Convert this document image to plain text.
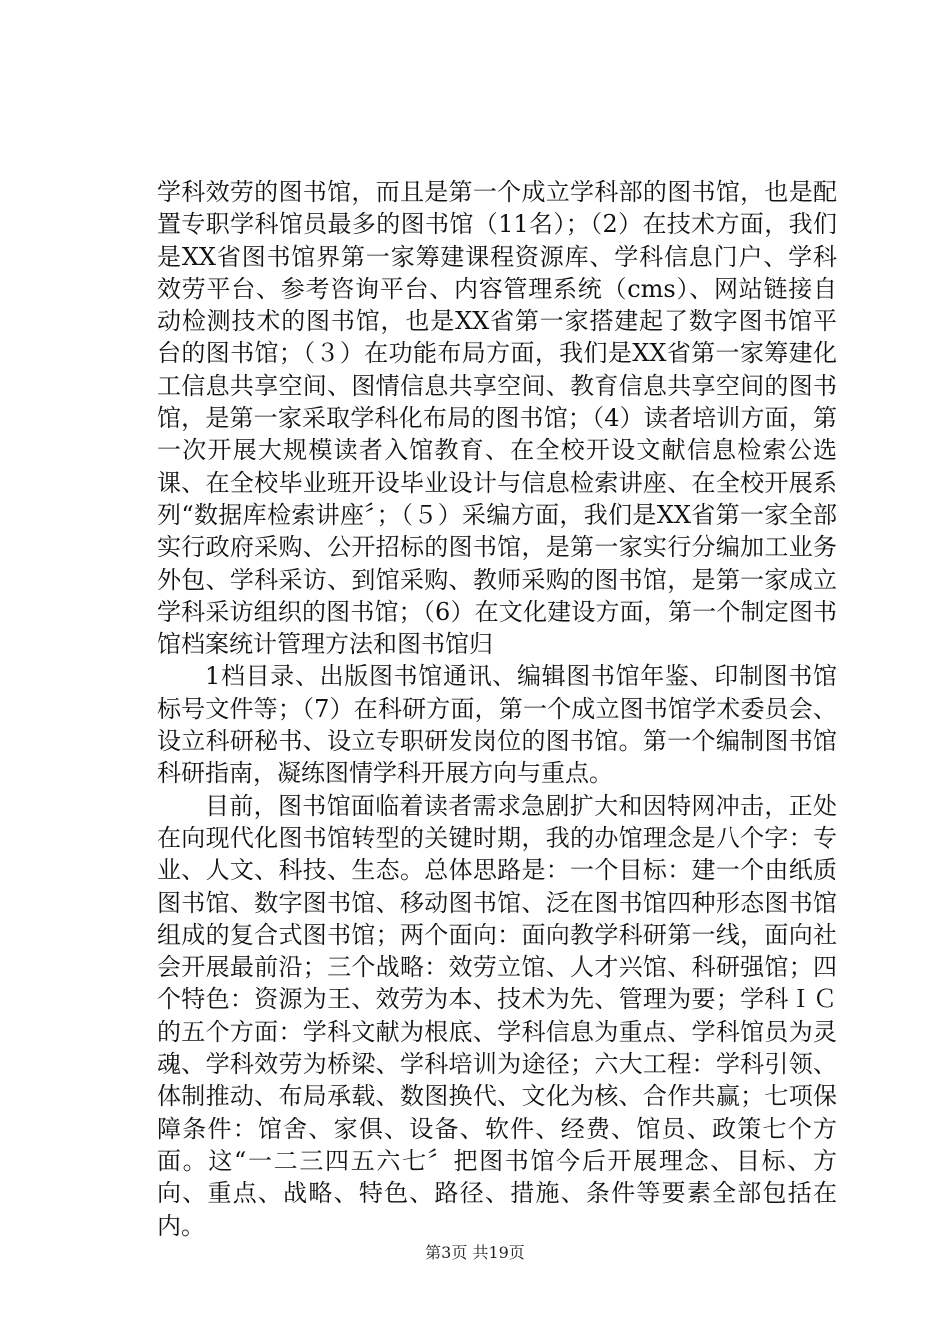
学科效劳的图书馆，而且是第一个成立学科部的图书馆，也是配置专职学科馆员最多的图书馆（11名）；（2）在技术方面，我们是XX省图书馆界第一家筹建课程资源库、学科信息门户、学科效劳平台、参考咨询平台、内容管理系统（cms）、网站链接自动检测技术的图书馆，也是XX省第一家搭建起了数字图书馆平台的图书馆；（３）在功能布局方面，我们是XX省第一家筹建化工信息共享空间、图情信息共享空间、教育信息共享空间的图书馆，是第一家采取学科化布局的图书馆；（4）读者培训方面，第一次开展大规模读者入馆教育、在全校开设文献信息检索公选课、在全校毕业班开设毕业设计与信息检索讲座、在全校开展系列“数据库检索讲座〞；（５）采编方面，我们是XX省第一家全部实行政府采购、公开招标的图书馆，是第一家实行分编加工业务外包、学科采访、到馆采购、教师采购的图书馆，是第一家成立学科采访组织的图书馆；（6）在文化建设方面，第一个制定图书馆档案统计管理方法和图书馆归

1档目录、出版图书馆通讯、编辑图书馆年鉴、印制图书馆标号文件等；（7）在科研方面，第一个成立图书馆学术委员会、设立科研秘书、设立专职研发岗位的图书馆。第一个编制图书馆科研指南，凝练图情学科开展方向与重点。

目前，图书馆面临着读者需求急剧扩大和因特网冲击，正处在向现代化图书馆转型的关键时期，我的办馆理念是八个字：专业、人文、科技、生态。总体思路是：一个目标：建一个由纸质图书馆、数字图书馆、移动图书馆、泛在图书馆四种形态图书馆组成的复合式图书馆；两个面向：面向教学科研第一线，面向社会开展最前沿；三个战略：效劳立馆、人才兴馆、科研强馆；四个特色：资源为王、效劳为本、技术为先、管理为要；学科ＩＣ的五个方面：学科文献为根底、学科信息为重点、学科馆员为灵魂、学科效劳为桥梁、学科培训为途径；六大工程：学科引领、体制推动、布局承载、数图换代、文化为核、合作共赢；七项保障条件：馆舍、家俱、设备、软件、经费、馆员、政策七个方面。这“一二三四五六七〞把图书馆今后开展理念、目标、方向、重点、战略、特色、路径、措施、条件等要素全部包括在内。

第3页 共19页
